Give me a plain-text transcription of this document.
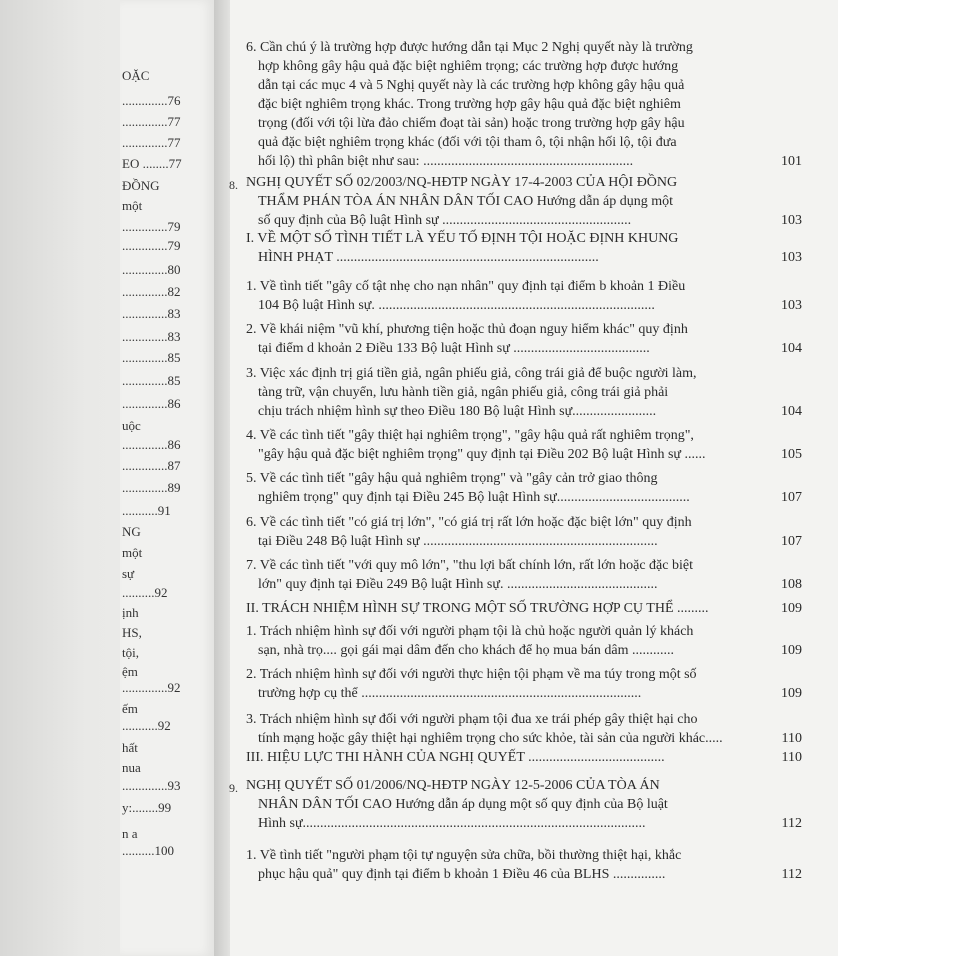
OẶC
..............76
..............77
..............77
EO ........77
ĐỒNG
một
..............79
..............79
..............80
..............82
..............83
..............83
..............85
..............85
..............86
uộc
..............86
..............87
..............89
...........91
NG
một
sự
..........92
ịnh
HS,
tội,
ệm
..............92
ếm
...........92
hất
nua
..............93
y:........99
n a
..........100
6. Cần chú ý là trường hợp được hướng dẫn tại Mục 2 Nghị quyết này là trường
hợp không gây hậu quả đặc biệt nghiêm trọng; các trường hợp được hướng
dẫn tại các mục 4 và 5 Nghị quyết này là các trường hợp không gây hậu quả
đặc biệt nghiêm trọng khác. Trong trường hợp gây hậu quả đặc biệt nghiêm
trọng (đối với tội lừa đảo chiếm đoạt tài sản) hoặc trong trường hợp gây hậu
quả đặc biệt nghiêm trọng khác (đối với tội tham ô, tội nhận hối lộ, tội đưa
hối lộ) thì phân biệt như sau: ............................................................	101
8. NGHỊ QUYẾT SỐ 02/2003/NQ-HĐTP NGÀY 17-4-2003 CỦA HỘI ĐỒNG
THẨM PHÁN TÒA ÁN NHÂN DÂN TỐI CAO Hướng dẫn áp dụng một
số quy định của Bộ luật Hình sự ......................................................	103
I. VỀ MỘT SỐ TÌNH TIẾT LÀ YẾU TỐ ĐỊNH TỘI HOẶC ĐỊNH KHUNG
HÌNH PHẠT ...........................................................................	103
1. Về tình tiết "gây cố tật nhẹ cho nạn nhân" quy định tại điểm b khoản 1 Điều
104 Bộ luật Hình sự. ...............................................................................	103
2. Về khái niệm "vũ khí, phương tiện hoặc thủ đoạn nguy hiểm khác" quy định
tại điểm d khoản 2 Điều 133 Bộ luật Hình sự .......................................	104
3. Việc xác định trị giá tiền giả, ngân phiếu giả, công trái giả để buộc người làm,
tàng trữ, vận chuyển, lưu hành tiền giả, ngân phiếu giả, công trái giả phải
chịu trách nhiệm hình sự theo Điều 180 Bộ luật Hình sự........................	104
4. Về các tình tiết "gây thiệt hại nghiêm trọng", "gây hậu quả rất nghiêm trọng",
"gây hậu quả đặc biệt nghiêm trọng" quy định tại Điều 202 Bộ luật Hình sự ......	105
5. Về các tình tiết "gây hậu quả nghiêm trọng" và "gây cản trở giao thông
nghiêm trọng" quy định tại Điều 245 Bộ luật Hình sự......................................	107
6. Về các tình tiết "có giá trị lớn", "có giá trị rất lớn hoặc đặc biệt lớn" quy định
tại Điều 248 Bộ luật Hình sự ...................................................................	107
7. Về các tình tiết "với quy mô lớn", "thu lợi bất chính lớn, rất lớn hoặc đặc biệt
lớn" quy định tại Điều 249 Bộ luật Hình sự. ...........................................	108
II. TRÁCH NHIỆM HÌNH SỰ TRONG MỘT SỐ TRƯỜNG HỢP CỤ THỂ .........	109
1. Trách nhiệm hình sự đối với người phạm tội là chủ hoặc người quản lý khách
sạn, nhà trọ.... gọi gái mại dâm đến cho khách để họ mua bán dâm ............	109
2. Trách nhiệm hình sự đối với người thực hiện tội phạm về ma túy trong một số
trường hợp cụ thể ................................................................................	109
3. Trách nhiệm hình sự đối với người phạm tội đua xe trái phép gây thiệt hại cho
tính mạng hoặc gây thiệt hại nghiêm trọng cho sức khỏe, tài sản của người khác.....	110
III. HIỆU LỰC THI HÀNH CỦA NGHỊ QUYẾT .......................................	110
9. NGHỊ QUYẾT SỐ 01/2006/NQ-HĐTP NGÀY 12-5-2006 CỦA TÒA ÁN
NHÂN DÂN TỐI CAO Hướng dẫn áp dụng một số quy định của Bộ luật
Hình sự..................................................................................................	112
1. Về tình tiết "người phạm tội tự nguyện sửa chữa, bồi thường thiệt hại, khắc
phục hậu quả" quy định tại điểm b khoản 1 Điều 46 của BLHS ...............	112
